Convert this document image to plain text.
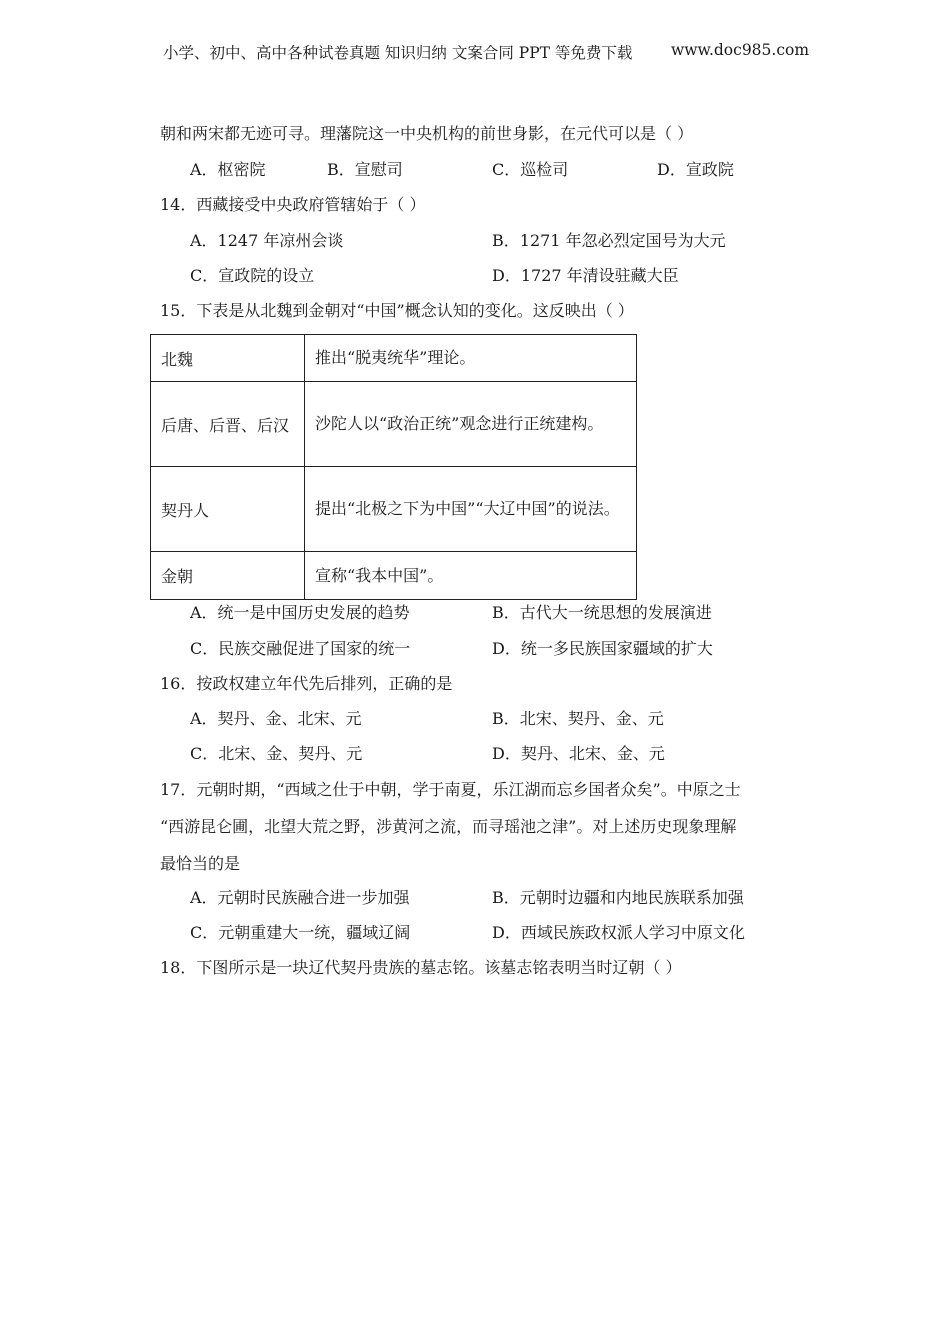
小学、初中、高中各种试卷真题 知识归纳 文案合同 PPT 等免费下载 www.doc985.com
朝和两宋都无迹可寻。理藩院这一中央机构的前世身影，在元代可以是（ ）
A．枢密院	B．宣慰司	C．巡检司	D．宣政院
14．西藏接受中央政府管辖始于（ ）
A．1247 年凉州会谈	B．1271 年忽必烈定国号为大元
C．宣政院的设立	D．1727 年清设驻藏大臣
15．下表是从北魏到金朝对“中国”概念认知的变化。这反映出（ ）
北魏	推出“脱夷统华”理论。
后唐、后晋、后汉	沙陀人以“政治正统”观念进行正统建构。
契丹人	提出“北极之下为中国”“大辽中国”的说法。
金朝	宣称“我本中国”。
A．统一是中国历史发展的趋势	B．古代大一统思想的发展演进
C．民族交融促进了国家的统一	D．统一多民族国家疆域的扩大
16．按政权建立年代先后排列，正确的是
A．契丹、金、北宋、元	B．北宋、契丹、金、元
C．北宋、金、契丹、元	D．契丹、北宋、金、元
17．元朝时期，“西域之仕于中朝，学于南夏，乐江湖而忘乡国者众矣”。中原之士
“西游昆仑圃，北望大荒之野，涉黄河之流，而寻瑶池之津”。对上述历史现象理解
最恰当的是
A．元朝时民族融合进一步加强	B．元朝时边疆和内地民族联系加强
C．元朝重建大一统，疆域辽阔	D．西域民族政权派人学习中原文化
18．下图所示是一块辽代契丹贵族的墓志铭。该墓志铭表明当时辽朝（ ）
